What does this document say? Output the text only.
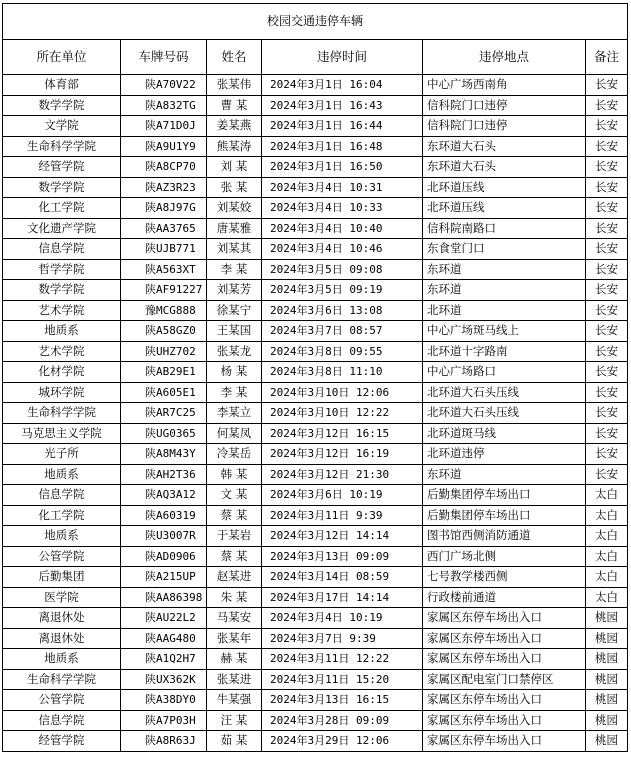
校园交通违停车辆					
所在单位	车牌号码	姓名	违停时间	违停地点	备注
体育部	陕A70V22	张某伟	2024年3月1日 16:04	中心广场西南角	长安
数学学院	陕A832TG	曹 某	2024年3月1日 16:43	信科院门口违停	长安
文学院	陕A71D0J	姜某燕	2024年3月1日 16:44	信科院门口违停	长安
生命科学学院	陕A9U1Y9	熊某涛	2024年3月1日 16:48	东环道大石头	长安
经管学院	陕A8CP70	刘 某	2024年3月1日 16:50	东环道大石头	长安
数学学院	陕AZ3R23	张 某	2024年3月4日 10:31	北环道压线	长安
化工学院	陕A8J97G	刘某姣	2024年3月4日 10:33	北环道压线	长安
文化遗产学院	陕AA3765	唐某雅	2024年3月4日 10:40	信科院南路口	长安
信息学院	陕UJB771	刘某其	2024年3月4日 10:46	东食堂门口	长安
哲学学院	陕A563XT	李 某	2024年3月5日 09:08	东环道	长安
数学学院	陕AF91227	刘某芳	2024年3月5日 09:19	东环道	长安
艺术学院	豫MCG888	徐某宁	2024年3月6日 13:08	北环道	长安
地质系	陕A58GZ0	王某国	2024年3月7日 08:57	中心广场斑马线上	长安
艺术学院	陕UHZ702	张某龙	2024年3月8日 09:55	北环道十字路南	长安
化材学院	陕AB29E1	杨 某	2024年3月8日 11:10	中心广场路口	长安
城环学院	陕A605E1	李 某	2024年3月10日 12:06	北环道大石头压线	长安
生命科学学院	陕AR7C25	李某立	2024年3月10日 12:22	北环道大石头压线	长安
马克思主义学院	陕UG0365	何某凤	2024年3月12日 16:15	北环道斑马线	长安
光子所	陕A8M43Y	冷某岳	2024年3月12日 16:19	北环道违停	长安
地质系	陕AH2T36	韩 某	2024年3月12日 21:30	东环道	长安
信息学院	陕AQ3A12	文 某	2024年3月6日 10:19	后勤集团停车场出口	太白
化工学院	陕A60319	蔡 某	2024年3月11日 9:39	后勤集团停车场出口	太白
地质系	陕U3007R	于某岩	2024年3月12日 14:14	图书馆西侧消防通道	太白
公管学院	陕AD0906	蔡 某	2024年3月13日 09:09	西门广场北侧	太白
后勤集团	陕A215UP	赵某进	2024年3月14日 08:59	七号教学楼西侧	太白
医学院	陕AA86398	朱 某	2024年3月17日 14:14	行政楼前通道	太白
离退休处	陕AU22L2	马某安	2024年3月4日 10:19	家属区东停车场出入口	桃园
离退休处	陕AAG480	张某年	2024年3月7日 9:39	家属区东停车场出入口	桃园
地质系	陕A1Q2H7	赫 某	2024年3月11日 12:22	家属区东停车场出入口	桃园
生命科学学院	陕UX362K	张某进	2024年3月11日 15:20	家属区配电室门口禁停区	桃园
公管学院	陕A38DY0	牛某强	2024年3月13日 16:15	家属区东停车场出入口	桃园
信息学院	陕A7P03H	汪 某	2024年3月28日 09:09	家属区东停车场出入口	桃园
经管学院	陕A8R63J	茹 某	2024年3月29日 12:06	家属区东停车场出入口	桃园
